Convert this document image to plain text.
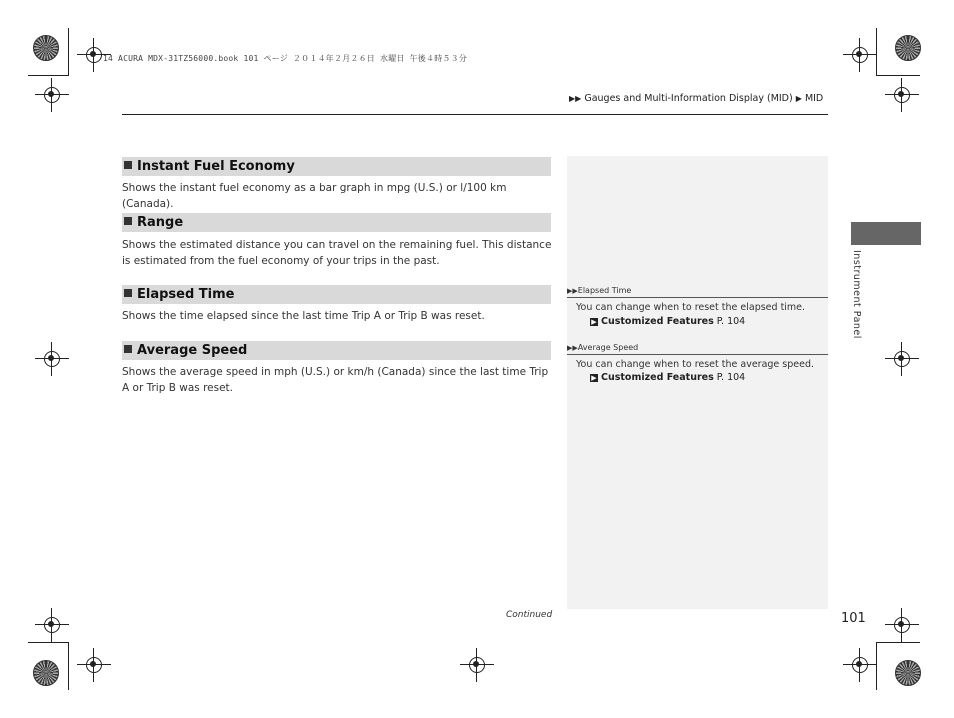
14 ACURA MDX-31TZ56000.book 101 ページ ２０１４年２月２６日 水曜日 午後４時５３分
▶▶ Gauges and Multi-Information Display (MID) ▶ MID
Instant Fuel Economy
Shows the instant fuel economy as a bar graph in mpg (U.S.) or l/100 km (Canada).
Range
Shows the estimated distance you can travel on the remaining fuel. This distance is estimated from the fuel economy of your trips in the past.
Elapsed Time
Shows the time elapsed since the last time Trip A or Trip B was reset.
Average Speed
Shows the average speed in mph (U.S.) or km/h (Canada) since the last time Trip A or Trip B was reset.
▶▶Elapsed Time
You can change when to reset the elapsed time.
▶ Customized Features P. 104
▶▶Average Speed
You can change when to reset the average speed.
▶ Customized Features P. 104
Instrument Panel
Continued	101
